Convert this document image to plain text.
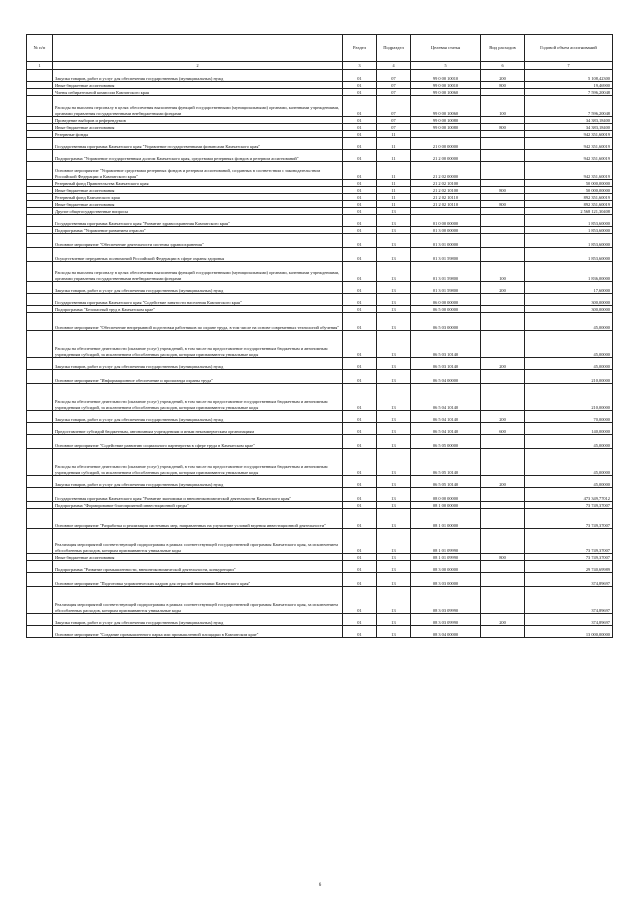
№ п/п		Раздел	Подраздел	Целевая статья	Вид расходов	Годовой объем ассигнований
1	2	3	4	5	6	7
	Закупка товаров, работ и услуг для обеспечения государственных (муниципальных) нужд	01	07	99 0 00 10010	200	5 108,42300
	Иные бюджетные ассигнования	01	07	99 0 00 10010	800	19,46900
	Члены избирательной комиссии Камчатского края	01	07	99 0 00 10060		7 596,20048
	Расходы на выплаты персоналу в целях обеспечения выполнения функций государственными (муниципальными) органами, казенными учреждениями, органами управления государственными внебюджетными фондами	01	07	99 0 00 10060	100	7 596,20048
	Проведение выборов и референдумов	01	07	99 0 00 10080		34 383,18400
	Иные бюджетные ассигнования	01	07	99 0 00 10080	800	34 383,18400
	Резервные фонды	01	11			942 351,60019
	Государственная программа Камчатского края "Управление государственными финансами Камчатского края"	01	11	21 0 00 00000		942 351,60019
	Подпрограмма "Управление государственным долгом Камчатского края, средствами резервных фондов и резервом ассигнований"	01	11	21 2 00 00000		942 351,60019
	Основное мероприятие "Управление средствами резервных фондов и резервом ассигнований, созданных в соответствии с законодательством Российской Федерации и Камчатского края"	01	11	21 2 02 00000		942 351,60019
	Резервный фонд Правительства Камчатского края	01	11	21 2 02 10100		50 000,00000
	Иные бюджетные ассигнования	01	11	21 2 02 10100	800	50 000,00000
	Резервный фонд Камчатского края	01	11	21 2 02 10110		892 351,60019
	Иные бюджетные ассигнования	01	11	21 2 02 10110	800	892 351,60019
	Другие общегосударственные вопросы	01	13			2 568 121,30408
	Государственная программа Камчатского края "Развитие здравоохранения Камчатского края"	01	13	01 0 00 00000		1 853,60000
	Подпрограмма "Управление развитием отрасли"	01	13	01 3 00 00000		1 853,60000
	Основное мероприятие "Обеспечение деятельности системы здравоохранения"	01	13	01 3 01 00000		1 853,60000
	Осуществление переданных полномочий Российской Федерации в сфере охраны здоровья	01	13	01 3 01 59800		1 853,60000
	Расходы на выплаты персоналу в целях обеспечения выполнения функций государственными (муниципальными) органами, казенными учреждениями, органами управления государственными внебюджетными фондами	01	13	01 3 01 59800	100	1 836,00000
	Закупка товаров, работ и услуг для обеспечения государственных (муниципальных) нужд	01	13	01 3 01 59800	200	17,60000
	Государственная программа Камчатского края "Содействие занятости населения Камчатского края"	01	13	06 0 00 00000		300,00000
	Подпрограмма "Безопасный труд в Камчатском крае"	01	13	06 5 00 00000		300,00000
	Основное мероприятие "Обеспечение непрерывной подготовки работников по охране труда, в том числе на основе современных технологий обучения"	01	13	06 5 03 00000		45,00000
	Расходы на обеспечение деятельности (оказание услуг) учреждений, в том числе на предоставление государственным бюджетным и автономным учреждениям субсидий, за исключением обособленных расходов, которым присваиваются уникальные коды	01	13	06 5 03 10140		45,00000
	Закупка товаров, работ и услуг для обеспечения государственных (муниципальных) нужд	01	13	06 5 03 10140	200	45,00000
	Основное мероприятие "Информационное обеспечение и пропаганда охраны труда"	01	13	06 5 04 00000		210,00000
	Расходы на обеспечение деятельности (оказание услуг) учреждений, в том числе на предоставление государственным бюджетным и автономным учреждениям субсидий, за исключением обособленных расходов, которым присваиваются уникальные коды	01	13	06 5 04 10140		210,00000
	Закупка товаров, работ и услуг для обеспечения государственных (муниципальных) нужд	01	13	06 5 04 10140	200	70,00000
	Предоставление субсидий бюджетным, автономным учреждениям и иным некоммерческим организациям	01	13	06 5 04 10140	600	140,00000
	Основное мероприятие "Содействие развитию социального партнерства в сфере труда в Камчатском крае"	01	13	06 5 05 00000		45,00000
	Расходы на обеспечение деятельности (оказание услуг) учреждений, в том числе на предоставление государственным бюджетным и автономным учреждениям субсидий, за исключением обособленных расходов, которым присваиваются уникальные коды	01	13	06 5 05 10140		45,00000
	Закупка товаров, работ и услуг для обеспечения государственных (муниципальных) нужд	01	13	06 5 05 10140	200	45,00000
	Государственная программа Камчатского края "Развитие экономики и внешнеэкономической деятельности Камчатского края"	01	13	08 0 00 00000		473 349,77012
	Подпрограмма "Формирование благоприятной инвестиционной среды"	01	13	08 1 00 00000		73 749,37007
	Основное мероприятие "Разработка и реализация системных мер, направленных на улучшение условий ведения инвестиционной деятельности"	01	13	08 1 01 00000		73 749,37007
	Реализация мероприятий соответствующей подпрограммы в рамках соответствующей государственной программы Камчатского края, за исключением обособленных расходов, которым присваиваются уникальные коды	01	13	08 1 01 09990		73 749,37007
	Иные бюджетные ассигнования	01	13	08 1 01 09990	800	73 749,37007
	Подпрограмма "Развитие промышленности, внешнеэкономической деятельности, конкуренции"	01	13	08 3 00 00000		29 740,69989
	Основное мероприятие "Подготовка управленческих кадров для отраслей экономики Камчатского края"	01	13	08 3 03 00000		374,89697
	Реализация мероприятий соответствующей подпрограммы в рамках соответствующей государственной программы Камчатского края, за исключением обособленных расходов, которым присваиваются уникальные коды	01	13	08 3 03 09990		374,89697
	Закупка товаров, работ и услуг для обеспечения государственных (муниципальных) нужд	01	13	08 3 03 09990	200	374,89697
	Основное мероприятие "Создание промышленного парка или промышленной площадки в Камчатском крае"	01	13	08 3 04 00000		13 000,00000
6
